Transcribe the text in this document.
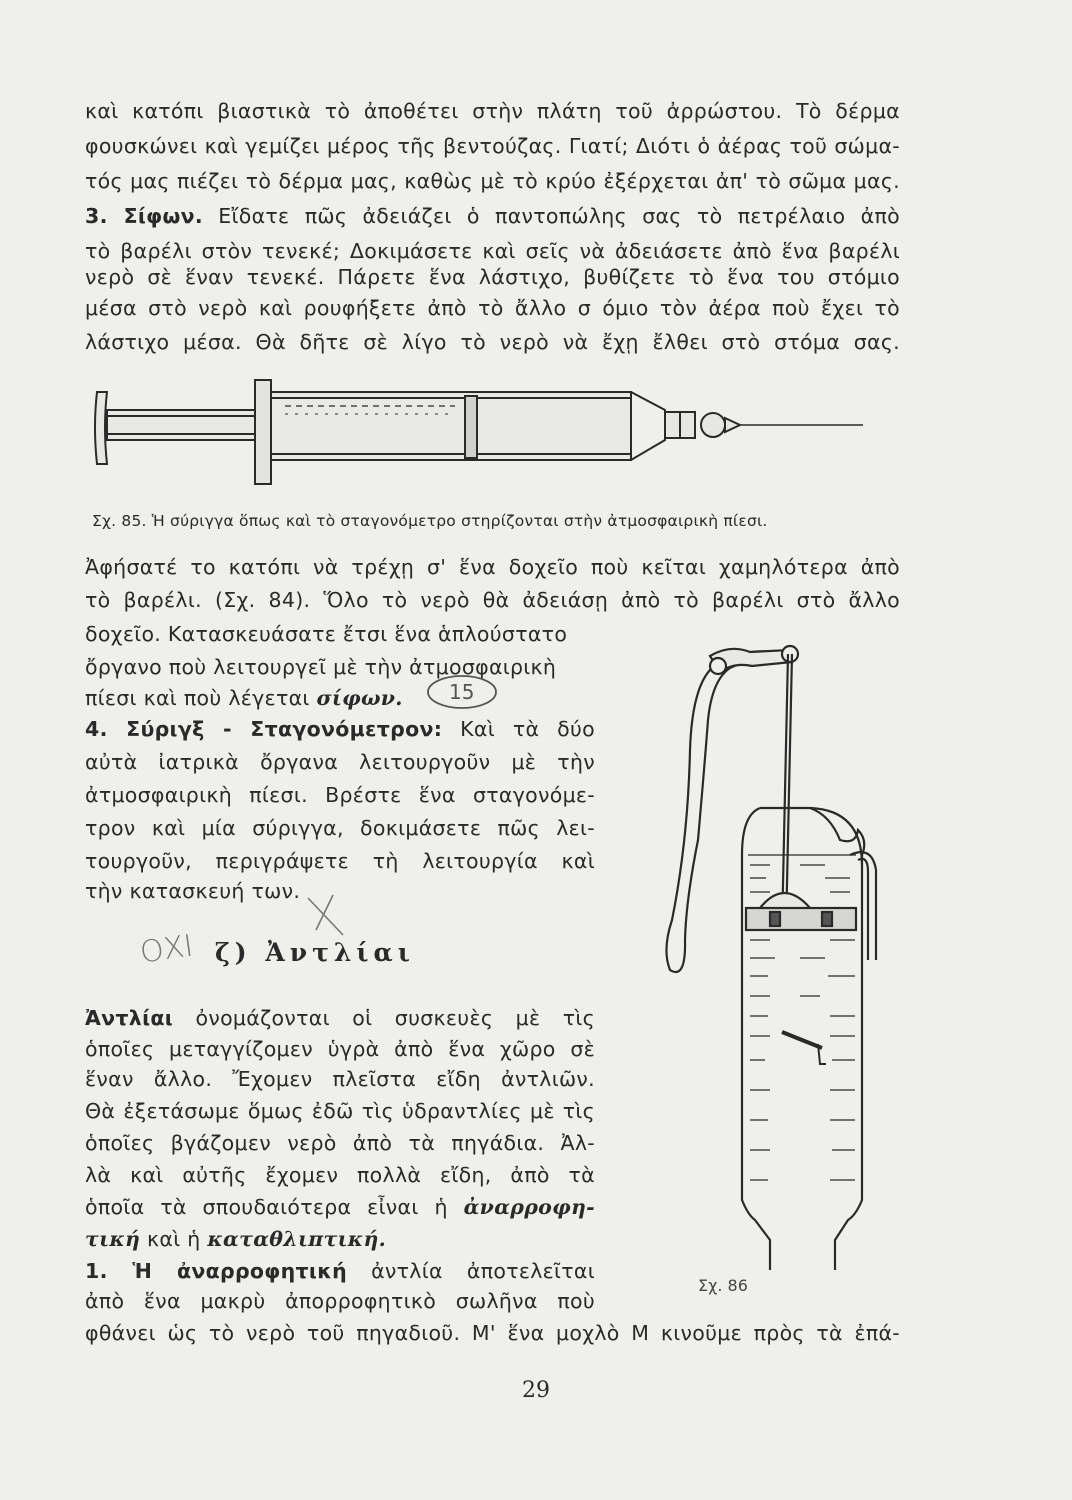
καὶ κατόπι βιαστικὰ τὸ ἀποθέτει στὴν πλάτη τοῦ ἀρρώστου. Τὸ δέρμα
φουσκώνει καὶ γεμίζει μέρος τῆς βεντούζας. Γιατί; Διότι ὁ ἀέρας τοῦ σώμα-
τός μας πιέζει τὸ δέρμα μας, καθὼς μὲ τὸ κρύο ἐξέρχεται ἀπ' τὸ σῶμα μας.
3. Σίφων. Εἴδατε πῶς ἀδειάζει ὁ παντοπώλης σας τὸ πετρέλαιο ἀπὸ
τὸ βαρέλι στὸν τενεκέ; Δοκιμάσετε καὶ σεῖς νὰ ἀδειάσετε ἀπὸ ἕνα βαρέλι
νερὸ σὲ ἕναν τενεκέ. Πάρετε ἕνα λάστιχο, βυθίζετε τὸ ἕνα του στόμιο
μέσα στὸ νερὸ καὶ ρουφήξετε ἀπὸ τὸ ἄλλο σ όμιο τὸν ἀέρα ποὺ ἔχει τὸ
λάστιχο μέσα. Θὰ δῆτε σὲ λίγο τὸ νερὸ νὰ ἔχῃ ἔλθει στὸ στόμα σας.
Σχ. 85. Ἡ σύριγγα ὅπως καὶ τὸ σταγονόμετρο στηρίζονται στὴν ἀτμοσφαιρικὴ πίεσι.
Ἀφήσατέ το κατόπι νὰ τρέχῃ σ' ἕνα δοχεῖο ποὺ κεῖται χαμηλότερα ἀπὸ
τὸ βαρέλι. (Σχ. 84). Ὅλο τὸ νερὸ θὰ ἀδειάσῃ ἀπὸ τὸ βαρέλι στὸ ἄλλο
δοχεῖο. Κατασκευάσατε ἔτσι ἕνα ἁπλούστατο
ὄργανο ποὺ λειτουργεῖ μὲ τὴν ἀτμοσφαιρικὴ
πίεσι καὶ ποὺ λέγεται σίφων.	15
4. Σύριγξ - Σταγονόμετρον: Καὶ τὰ δύο
αὐτὰ ἰατρικὰ ὄργανα λειτουργοῦν μὲ τὴν
ἀτμοσφαιρικὴ πίεσι. Βρέστε ἕνα σταγονόμε-
τρον καὶ μία σύριγγα, δοκιμάσετε πῶς λει-
τουργοῦν, περιγράψετε τὴ λειτουργία καὶ
τὴν κατασκευή των.
ΟΧΙ ζ) Ἀντλίαι
Ἀντλίαι ὀνομάζονται οἱ συσκευὲς μὲ τὶς
ὁποῖες μεταγγίζομεν ὑγρὰ ἀπὸ ἕνα χῶρο σὲ
ἕναν ἄλλο. Ἔχομεν πλεῖστα εἴδη ἀντλιῶν.
Θὰ ἐξετάσωμε ὅμως ἐδῶ τὶς ὑδραντλίες μὲ τὶς
ὁποῖες βγάζομεν νερὸ ἀπὸ τὰ πηγάδια. Ἀλ-
λὰ καὶ αὐτῆς ἔχομεν πολλὰ εἴδη, ἀπὸ τὰ
ὁποῖα τὰ σπουδαιότερα εἶναι ἡ ἀναρροφη-
τική καὶ ἡ καταθλιπτική.
1. Ἡ ἀναρροφητική ἀντλία ἀποτελεῖται
ἀπὸ ἕνα μακρὺ ἀπορροφητικὸ σωλῆνα ποὺ
φθάνει ὡς τὸ νερὸ τοῦ πηγαδιοῦ. Μ' ἕνα μοχλὸ Μ κινοῦμε πρὸς τὰ ἐπά-
Σχ. 86
29
